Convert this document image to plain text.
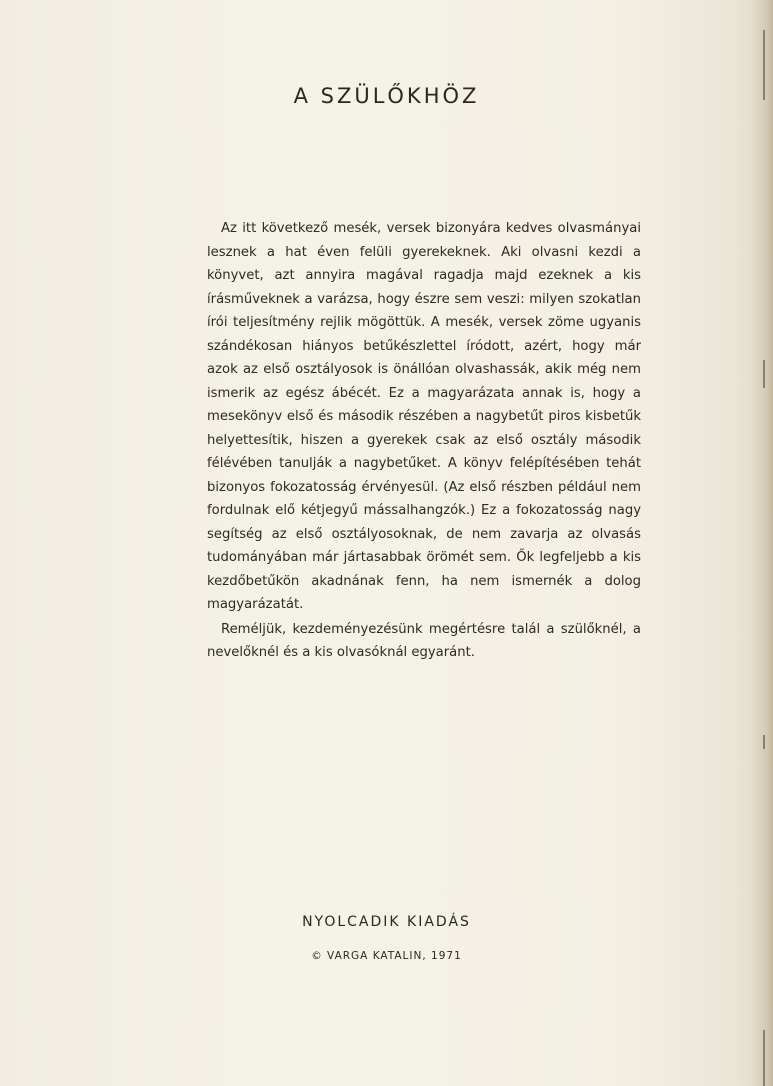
A SZÜLŐKHÖZ

Az itt következő mesék, versek bizonyára kedves olvasmányai lesznek a hat éven felüli gyerekeknek. Aki olvasni kezdi a könyvet, azt annyira magával ragadja majd ezeknek a kis írásműveknek a varázsa, hogy észre sem veszi: milyen szokatlan írói teljesítmény rejlik mögöttük. A mesék, versek zöme ugyanis szándékosan hiányos betűkészlettel íródott, azért, hogy már azok az első osztályosok is önállóan olvashassák, akik még nem ismerik az egész ábécét. Ez a magyarázata annak is, hogy a mesekönyv első és második részében a nagybetűt piros kisbetűk helyettesítik, hiszen a gyerekek csak az első osztály második félévében tanulják a nagybetűket. A könyv felépítésében tehát bizonyos fokozatosság érvényesül. (Az első részben például nem fordulnak elő kétjegyű mássalhangzók.) Ez a fokozatosság nagy segítség az első osztályosoknak, de nem zavarja az olvasás tudományában már jártasabbak örömét sem. Ők legfeljebb a kis kezdőbetűkön akadnának fenn, ha nem ismernék a dolog magyarázatát.

Reméljük, kezdeményezésünk megértésre talál a szülőknél, a nevelőknél és a kis olvasóknál egyaránt.

NYOLCADIK KIADÁS
© VARGA KATALIN, 1971
